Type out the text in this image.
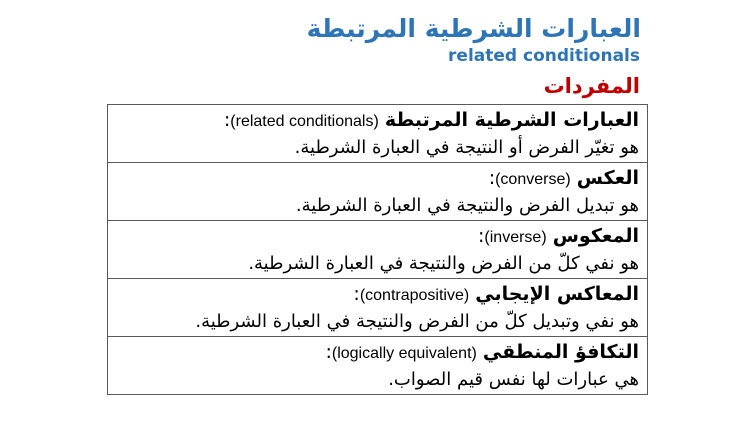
العبارات الشرطية المرتبطة
related conditionals
المفردات
العبارات الشرطية المرتبطة (related conditionals):
هو تغيّر الفرض أو النتيجة في العبارة الشرطية.

العكس (converse):
هو تبديل الفرض والنتيجة في العبارة الشرطية.

المعكوس (inverse):
هو نفي كلّ من الفرض والنتيجة في العبارة الشرطية.

المعاكس الإيجابي (contrapositive):
هو نفي وتبديل كلّ من الفرض والنتيجة في العبارة الشرطية.

التكافؤ المنطقي (logically equivalent):
هي عبارات لها نفس قيم الصواب.
